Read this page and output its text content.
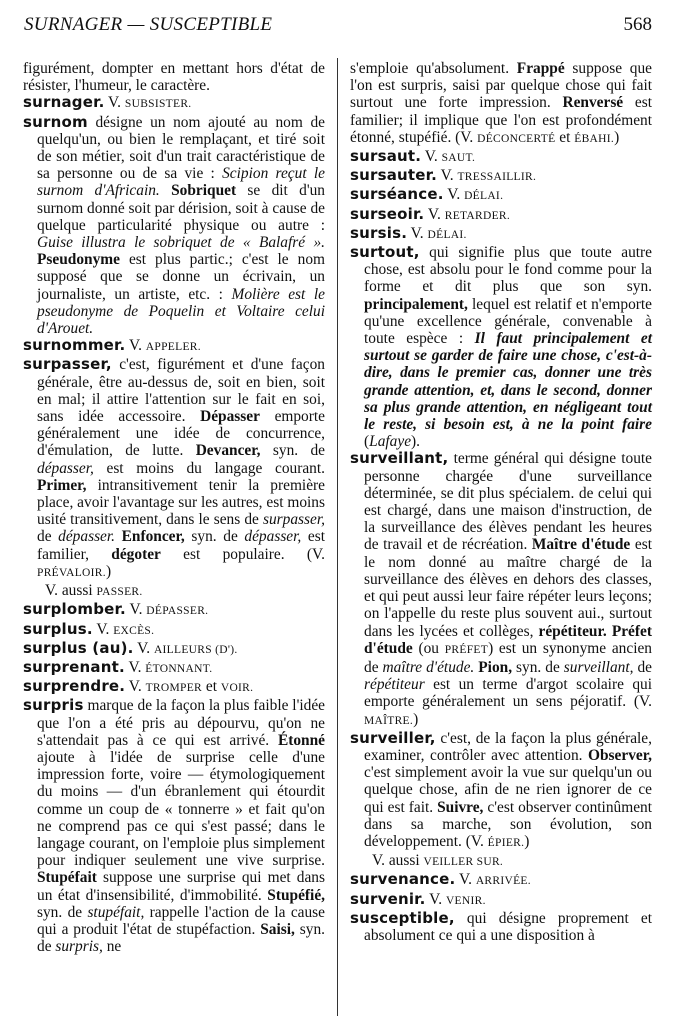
SURNAGER — SUSCEPTIBLE	568

figurément, dompter en mettant hors d'état de résister, l'humeur, le caractère.

surnager. V. SUBSISTER.

surnom désigne un nom ajouté au nom de quelqu'un, ou bien le remplaçant, et tiré soit de son métier, soit d'un trait caractéristique de sa personne ou de sa vie : Scipion reçut le surnom d'Africain. Sobriquet se dit d'un surnom donné soit par dérision, soit à cause de quelque particularité physique ou autre : Guise illustra le sobriquet de « Balafré ». Pseudonyme est plus partic.; c'est le nom supposé que se donne un écrivain, un journaliste, un artiste, etc. : Molière est le pseudonyme de Poquelin et Voltaire celui d'Arouet.

surnommer. V. APPELER.

surpasser, c'est, figurément et d'une façon générale, être au-dessus de, soit en bien, soit en mal; il attire l'attention sur le fait en soi, sans idée accessoire. Dépasser emporte généralement une idée de concurrence, d'émulation, de lutte. Devancer, syn. de dépasser, est moins du langage courant. Primer, intransitivement tenir la première place, avoir l'avantage sur les autres, est moins usité transitivement, dans le sens de surpasser, de dépasser. Enfoncer, syn. de dépasser, est familier, dégoter est populaire. (V. PRÉVALOIR.)

V. aussi PASSER.

surplomber. V. DÉPASSER.

surplus. V. EXCÈS.

surplus (au). V. AILLEURS (D').

surprenant. V. ÉTONNANT.

surprendre. V. TROMPER et VOIR.

surpris marque de la façon la plus faible l'idée que l'on a été pris au dépourvu, qu'on ne s'attendait pas à ce qui est arrivé. Étonné ajoute à l'idée de surprise celle d'une impression forte, voire — étymologiquement du moins — d'un ébranlement qui étourdit comme un coup de « tonnerre » et fait qu'on ne comprend pas ce qui s'est passé; dans le langage courant, on l'emploie plus simplement pour indiquer seulement une vive surprise. Stupéfait suppose une surprise qui met dans un état d'insensibilité, d'immobilité. Stupéfié, syn. de stupéfait, rappelle l'action de la cause qui a produit l'état de stupéfaction. Saisi, syn. de surpris, ne

s'emploie qu'absolument. Frappé suppose que l'on est surpris, saisi par quelque chose qui fait surtout une forte impression. Renversé est familier; il implique que l'on est profondément étonné, stupéfié. (V. DÉCONCERTÉ et ÉBAHI.)

sursaut. V. SAUT.

sursauter. V. TRESSAILLIR.

surséance. V. DÉLAI.

surseoir. V. RETARDER.

sursis. V. DÉLAI.

surtout, qui signifie plus que toute autre chose, est absolu pour le fond comme pour la forme et dit plus que son syn. principalement, lequel est relatif et n'emporte qu'une excellence générale, convenable à toute espèce : Il faut principalement et surtout se garder de faire une chose, c'est-à-dire, dans le premier cas, donner une très grande attention, et, dans le second, donner sa plus grande attention, en négligeant tout le reste, si besoin est, à ne la point faire (Lafaye).

surveillant, terme général qui désigne toute personne chargée d'une surveillance déterminée, se dit plus spécialem. de celui qui est chargé, dans une maison d'instruction, de la surveillance des élèves pendant les heures de travail et de récréation. Maître d'étude est le nom donné au maître chargé de la surveillance des élèves en dehors des classes, et qui peut aussi leur faire répéter leurs leçons; on l'appelle du reste plus souvent aui., surtout dans les lycées et collèges, répétiteur. Préfet d'étude (ou PRÉFET) est un synonyme ancien de maître d'étude. Pion, syn. de surveillant, de répétiteur est un terme d'argot scolaire qui emporte généralement un sens péjoratif. (V. MAÎTRE.)

surveiller, c'est, de la façon la plus générale, examiner, contrôler avec attention. Observer, c'est simplement avoir la vue sur quelqu'un ou quelque chose, afin de ne rien ignorer de ce qui est fait. Suivre, c'est observer continûment dans sa marche, son évolution, son développement. (V. ÉPIER.)

V. aussi VEILLER SUR.

survenance. V. ARRIVÉE.

survenir. V. VENIR.

susceptible, qui désigne proprement et absolument ce qui a une disposition à
